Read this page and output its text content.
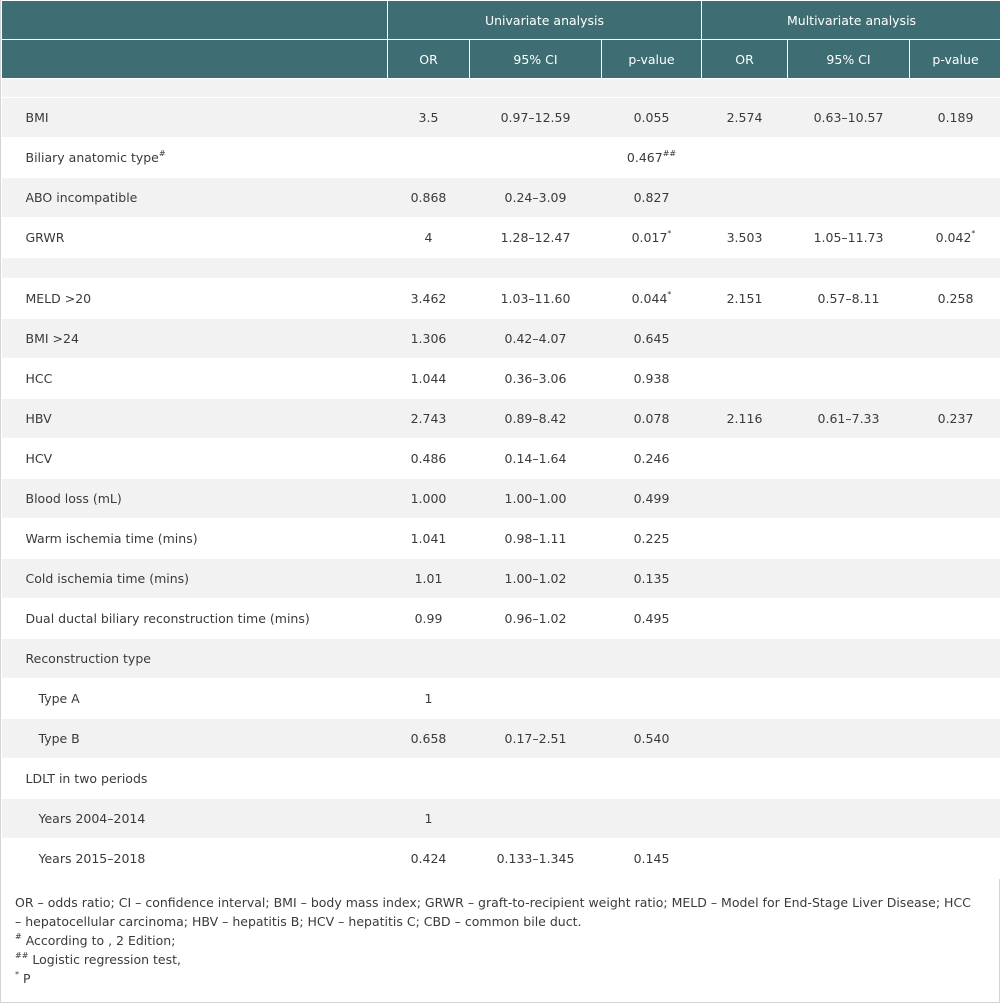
	Univariate analysis			Multivariate analysis		
	OR	95% CI	p-value	OR	95% CI	p-value

BMI	3.5	0.97–12.59	0.055	2.574	0.63–10.57	0.189
Biliary anatomic type#			0.467##			
ABO incompatible	0.868	0.24–3.09	0.827			
GRWR	4	1.28–12.47	0.017*	3.503	1.05–11.73	0.042*

MELD >20	3.462	1.03–11.60	0.044*	2.151	0.57–8.11	0.258
BMI >24	1.306	0.42–4.07	0.645			
HCC	1.044	0.36–3.06	0.938			
HBV	2.743	0.89–8.42	0.078	2.116	0.61–7.33	0.237
HCV	0.486	0.14–1.64	0.246			
Blood loss (mL)	1.000	1.00–1.00	0.499			
Warm ischemia time (mins)	1.041	0.98–1.11	0.225			
Cold ischemia time (mins)	1.01	1.00–1.02	0.135			
Dual ductal biliary reconstruction time (mins)	0.99	0.96–1.02	0.495			
Reconstruction type						
Type A	1					
Type B	0.658	0.17–2.51	0.540			
LDLT in two periods						
Years 2004–2014	1					
Years 2015–2018	0.424	0.133–1.345	0.145			
OR – odds ratio; CI – confidence interval; BMI – body mass index; GRWR – graft-to-recipient weight ratio; MELD – Model for End-Stage Liver Disease; HCC – hepatocellular carcinoma; HBV – hepatitis B; HCV – hepatitis C; CBD – common bile duct.
# According to , 2 Edition;
## Logistic regression test,
* P
